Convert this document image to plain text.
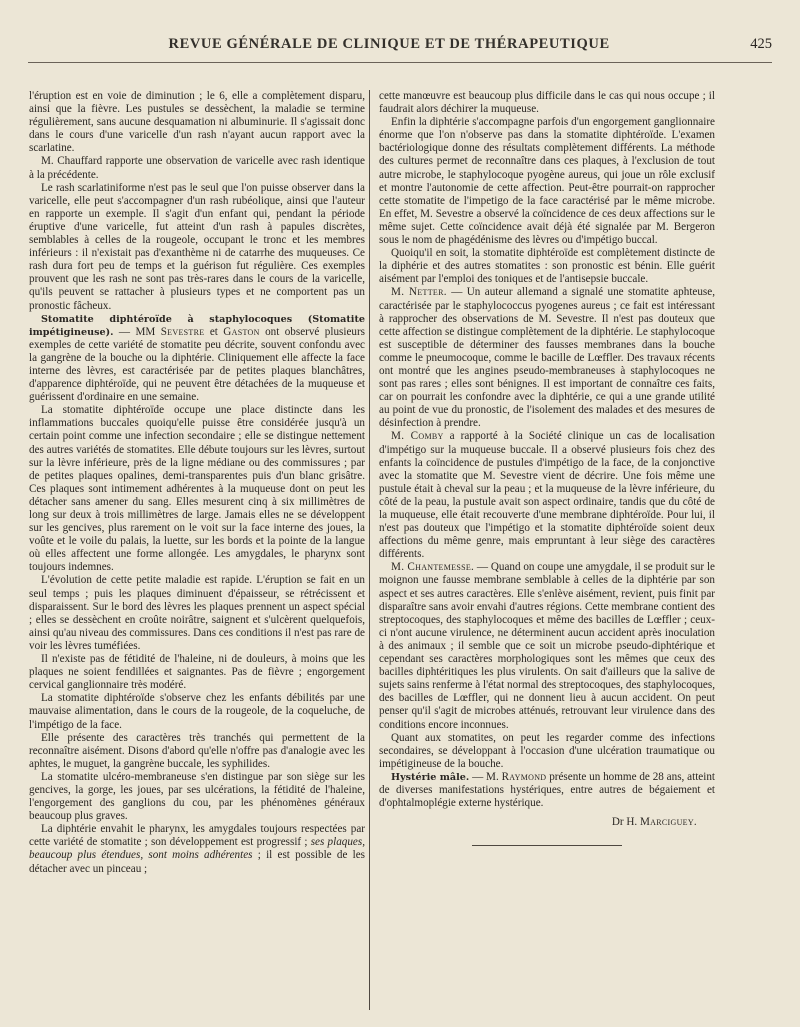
REVUE GÉNÉRALE DE CLINIQUE ET DE THÉRAPEUTIQUE	425

l'éruption est en voie de diminution ; le 6, elle a complètement disparu, ainsi que la fièvre. Les pustules se dessèchent, la maladie se termine régulièrement, sans aucune desquamation ni albuminurie. Il s'agissait donc dans le cours d'une varicelle d'un rash n'ayant aucun rapport avec la scarlatine.

M. Chauffard rapporte une observation de varicelle avec rash identique à la précédente.

Le rash scarlatiniforme n'est pas le seul que l'on puisse observer dans la varicelle, elle peut s'accompagner d'un rash rubéolique, ainsi que l'auteur en rapporte un exemple. Il s'agit d'un enfant qui, pendant la période éruptive d'une varicelle, fut atteint d'un rash à papules discrètes, semblables à celles de la rougeole, occupant le tronc et les membres inférieurs : il n'existait pas d'exanthème ni de catarrhe des muqueuses. Ce rash dura fort peu de temps et la guérison fut régulière. Ces exemples prouvent que les rash ne sont pas très-rares dans le cours de la varicelle, qu'ils peuvent se rattacher à plusieurs types et ne comportent pas un pronostic fâcheux.

Stomatite diphtéroïde à staphylocoques (Stomatite impétigineuse). — MM Sevestre et Gaston ont observé plusieurs exemples de cette variété de stomatite peu décrite, souvent confondu avec la gangrène de la bouche ou la diphtérie. Cliniquement elle affecte la face interne des lèvres, est caractérisée par de petites plaques blanchâtres, d'apparence diphtéroïde, qui ne peuvent être détachées de la muqueuse et guérissent d'ordinaire en une semaine.

La stomatite diphtéroïde occupe une place distincte dans les inflammations buccales quoiqu'elle puisse être considérée jusqu'à un certain point comme une infection secondaire ; elle se distingue nettement des autres variétés de stomatites. Elle débute toujours sur les lèvres, surtout sur la lèvre inférieure, près de la ligne médiane ou des commissures ; par de petites plaques opalines, demi-transparentes puis d'un blanc grisâtre. Ces plaques sont intimement adhérentes à la muqueuse dont on peut les détacher sans amener du sang. Elles mesurent cinq à six millimètres de long sur deux à trois millimètres de large. Jamais elles ne se développent sur les gencives, plus rarement on le voit sur la face interne des joues, la voûte et le voile du palais, la luette, sur les bords et la pointe de la langue où elles affectent une forme allongée. Les amygdales, le pharynx sont toujours indemnes.

L'évolution de cette petite maladie est rapide. L'éruption se fait en un seul temps ; puis les plaques diminuent d'épaisseur, se rétrécissent et disparaissent. Sur le bord des lèvres les plaques prennent un aspect spécial ; elles se dessèchent en croûte noirâtre, saignent et s'ulcèrent quelquefois, ainsi qu'au niveau des commissures. Dans ces conditions il n'est pas rare de voir les lèvres tuméfiées.

Il n'existe pas de fétidité de l'haleine, ni de douleurs, à moins que les plaques ne soient fendillées et saignantes. Pas de fièvre ; engorgement cervical ganglionnaire très modéré.

La stomatite diphtéroïde s'observe chez les enfants débilités par une mauvaise alimentation, dans le cours de la rougeole, de la coqueluche, de l'impétigo de la face.

Elle présente des caractères très tranchés qui permettent de la reconnaître aisément. Disons d'abord qu'elle n'offre pas d'analogie avec les aphtes, le muguet, la gangrène buccale, les syphilides.

La stomatite ulcéro-membraneuse s'en distingue par son siège sur les gencives, la gorge, les joues, par ses ulcérations, la fétidité de l'haleine, l'engorgement des ganglions du cou, par les phénomènes généraux beaucoup plus graves.

La diphtérie envahit le pharynx, les amygdales toujours respectées par cette variété de stomatite ; son développement est progressif ; ses plaques, beaucoup plus étendues, sont moins adhérentes ; il est possible de les détacher avec un pinceau ;

cette manœuvre est beaucoup plus difficile dans le cas qui nous occupe ; il faudrait alors déchirer la muqueuse.

Enfin la diphtérie s'accompagne parfois d'un engorgement ganglionnaire énorme que l'on n'observe pas dans la stomatite diphtéroïde. L'examen bactériologique donne des résultats complètement différents. La méthode des cultures permet de reconnaître dans ces plaques, à l'exclusion de tout autre microbe, le staphylocoque pyogène aureus, qui joue un rôle exclusif et montre l'autonomie de cette affection. Peut-être pourrait-on rapprocher cette stomatite de l'impetigo de la face caractérisé par le même microbe. En effet, M. Sevestre a observé la coïncidence de ces deux affections sur le même sujet. Cette coïncidence avait déjà été signalée par M. Bergeron sous le nom de phagédénisme des lèvres ou d'impétigo buccal.

Quoiqu'il en soit, la stomatite diphtéroïde est complètement distincte de la diphérie et des autres stomatites : son pronostic est bénin. Elle guérit aisément par l'emploi des toniques et de l'antisepsie buccale.

M. Netter. — Un auteur allemand a signalé une stomatite aphteuse, caractérisée par le staphylococcus pyogenes aureus ; ce fait est intéressant à rapprocher des observations de M. Sevestre. Il n'est pas douteux que cette affection se distingue complètement de la diphtérie. Le staphylocoque est susceptible de déterminer des fausses membranes dans la bouche comme le pneumocoque, comme le bacille de Lœffler. Des travaux récents ont montré que les angines pseudo-membraneuses à staphylocoques ne sont pas rares ; elles sont bénignes. Il est important de connaître ces faits, car on pourrait les confondre avec la diphtérie, ce qui a une grande utilité au point de vue du pronostic, de l'isolement des malades et des mesures de désinfection à prendre.

M. Comby a rapporté à la Société clinique un cas de localisation d'impétigo sur la muqueuse buccale. Il a observé plusieurs fois chez des enfants la coïncidence de pustules d'impétigo de la face, de la conjonctive avec la stomatite que M. Sevestre vient de décrire. Une fois même une pustule était à cheval sur la peau ; et la muqueuse de la lèvre inférieure, du côté de la peau, la pustule avait son aspect ordinaire, tandis que du côté de la muqueuse, elle était recouverte d'une membrane diphtéroïde. Pour lui, il n'est pas douteux que l'impétigo et la stomatite diphtéroïde soient deux affections du même genre, mais empruntant à leur siège des caractères différents.

M. Chantemesse. — Quand on coupe une amygdale, il se produit sur le moignon une fausse membrane semblable à celles de la diphtérie par son aspect et ses autres caractères. Elle s'enlève aisément, revient, puis finit par disparaître sans avoir envahi d'autres régions. Cette membrane contient des streptocoques, des staphylocoques et même des bacilles de Lœffler ; ceux-ci n'ont aucune virulence, ne déterminent aucun accident après inoculation à des animaux ; il semble que ce soit un microbe pseudo-diphtérique et cependant ses caractères morphologiques sont les mêmes que ceux des bacilles diphtéritiques les plus virulents. On sait d'ailleurs que la salive de sujets sains renferme à l'état normal des streptocoques, des staphylocoques, des bacilles de Lœffler, qui ne donnent lieu à aucun accident. On peut penser qu'il s'agit de microbes atténués, retrouvant leur virulence dans des conditions encore inconnues.

Quant aux stomatites, on peut les regarder comme des infections secondaires, se développant à l'occasion d'une ulcération traumatique ou impétigineuse de la bouche.

Hystérie mâle. — M. Raymond présente un homme de 28 ans, atteint de diverses manifestations hystériques, entre autres de bégaiement et d'ophtalmoplégie externe hystérique.

Dr H. Marciguey.
